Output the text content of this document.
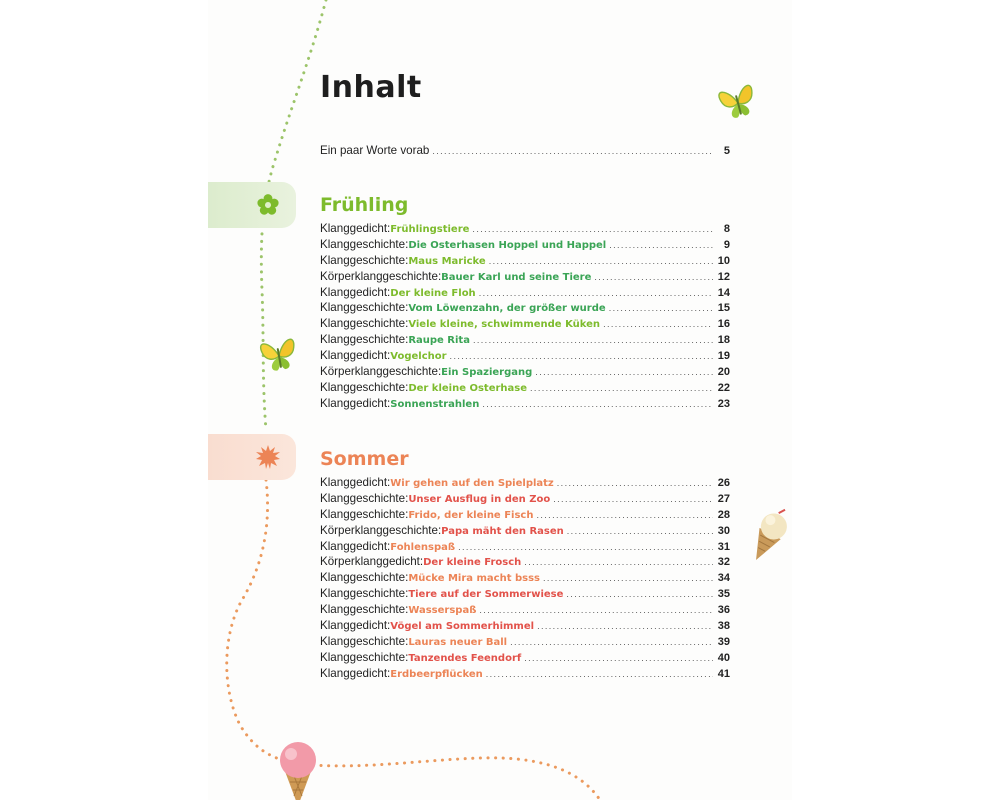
Inhalt
Ein paar Worte vorab .....	5
Frühling
Klanggedicht: Frühlingstiere .....	8
Klanggeschichte: Die Osterhasen Hoppel und Happel .....	9
Klanggeschichte: Maus Maricke .....	10
Körperklanggeschichte: Bauer Karl und seine Tiere .....	12
Klanggedicht: Der kleine Floh .....	14
Klanggeschichte: Vom Löwenzahn, der größer wurde .....	15
Klanggeschichte: Viele kleine, schwimmende Küken .....	16
Klanggeschichte: Raupe Rita .....	18
Klanggedicht: Vogelchor .....	19
Körperklanggeschichte: Ein Spaziergang .....	20
Klanggeschichte: Der kleine Osterhase .....	22
Klanggedicht: Sonnenstrahlen .....	23
Sommer
Klanggedicht: Wir gehen auf den Spielplatz .....	26
Klanggeschichte: Unser Ausflug in den Zoo .....	27
Klanggeschichte: Frido, der kleine Fisch .....	28
Körperklanggeschichte: Papa mäht den Rasen .....	30
Klanggedicht: Fohlenspaß .....	31
Körperklanggedicht: Der kleine Frosch .....	32
Klanggeschichte: Mücke Mira macht bsss .....	34
Klanggeschichte: Tiere auf der Sommerwiese .....	35
Klanggeschichte: Wasserspaß .....	36
Klanggedicht: Vögel am Sommerhimmel .....	38
Klanggeschichte: Lauras neuer Ball .....	39
Klanggeschichte: Tanzendes Feendorf .....	40
Klanggedicht: Erdbeerpflücken .....	41
